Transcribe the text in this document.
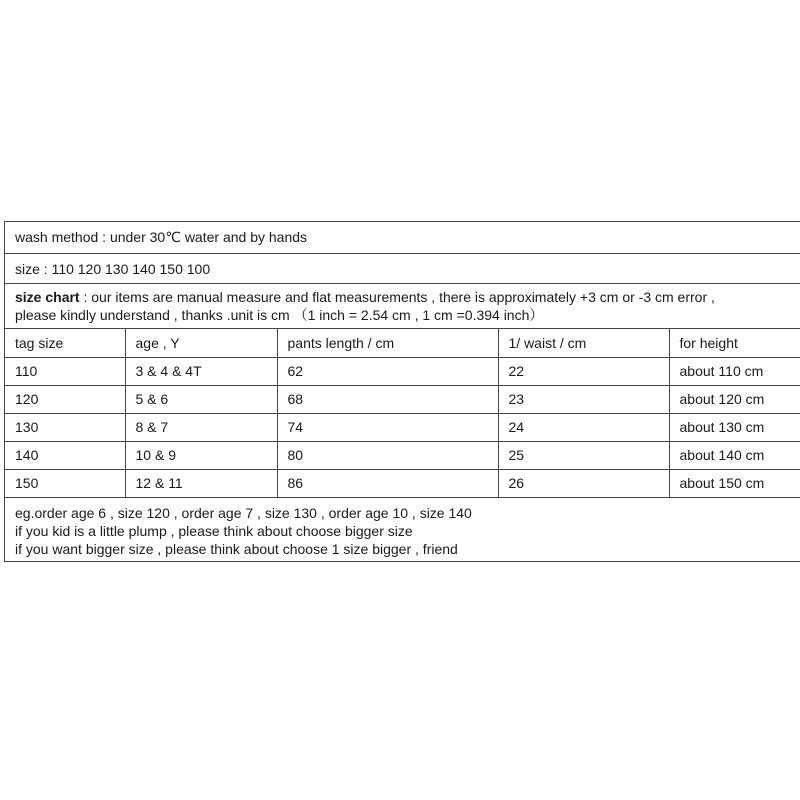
wash method : under 30℃ water and by hands
size : 110 120 130 140 150 100
size chart : our items are manual measure and flat measurements , there is approximately +3 cm or -3 cm error ,
please kindly understand , thanks .unit is cm （1 inch = 2.54 cm , 1 cm =0.394 inch）
tag size	age , Y	pants length / cm	1/ waist / cm	for height
110	3 & 4 & 4T	62	22	about 110 cm
120	5 & 6	68	23	about 120 cm
130	8 & 7	74	24	about 130 cm
140	10 & 9	80	25	about 140 cm
150	12 & 11	86	26	about 150 cm
eg.order age 6 , size 120 , order age 7 , size 130 , order age 10 , size 140
if you kid is a little plump , please think about choose bigger size
if you want bigger size , please think about choose 1 size bigger , friend
